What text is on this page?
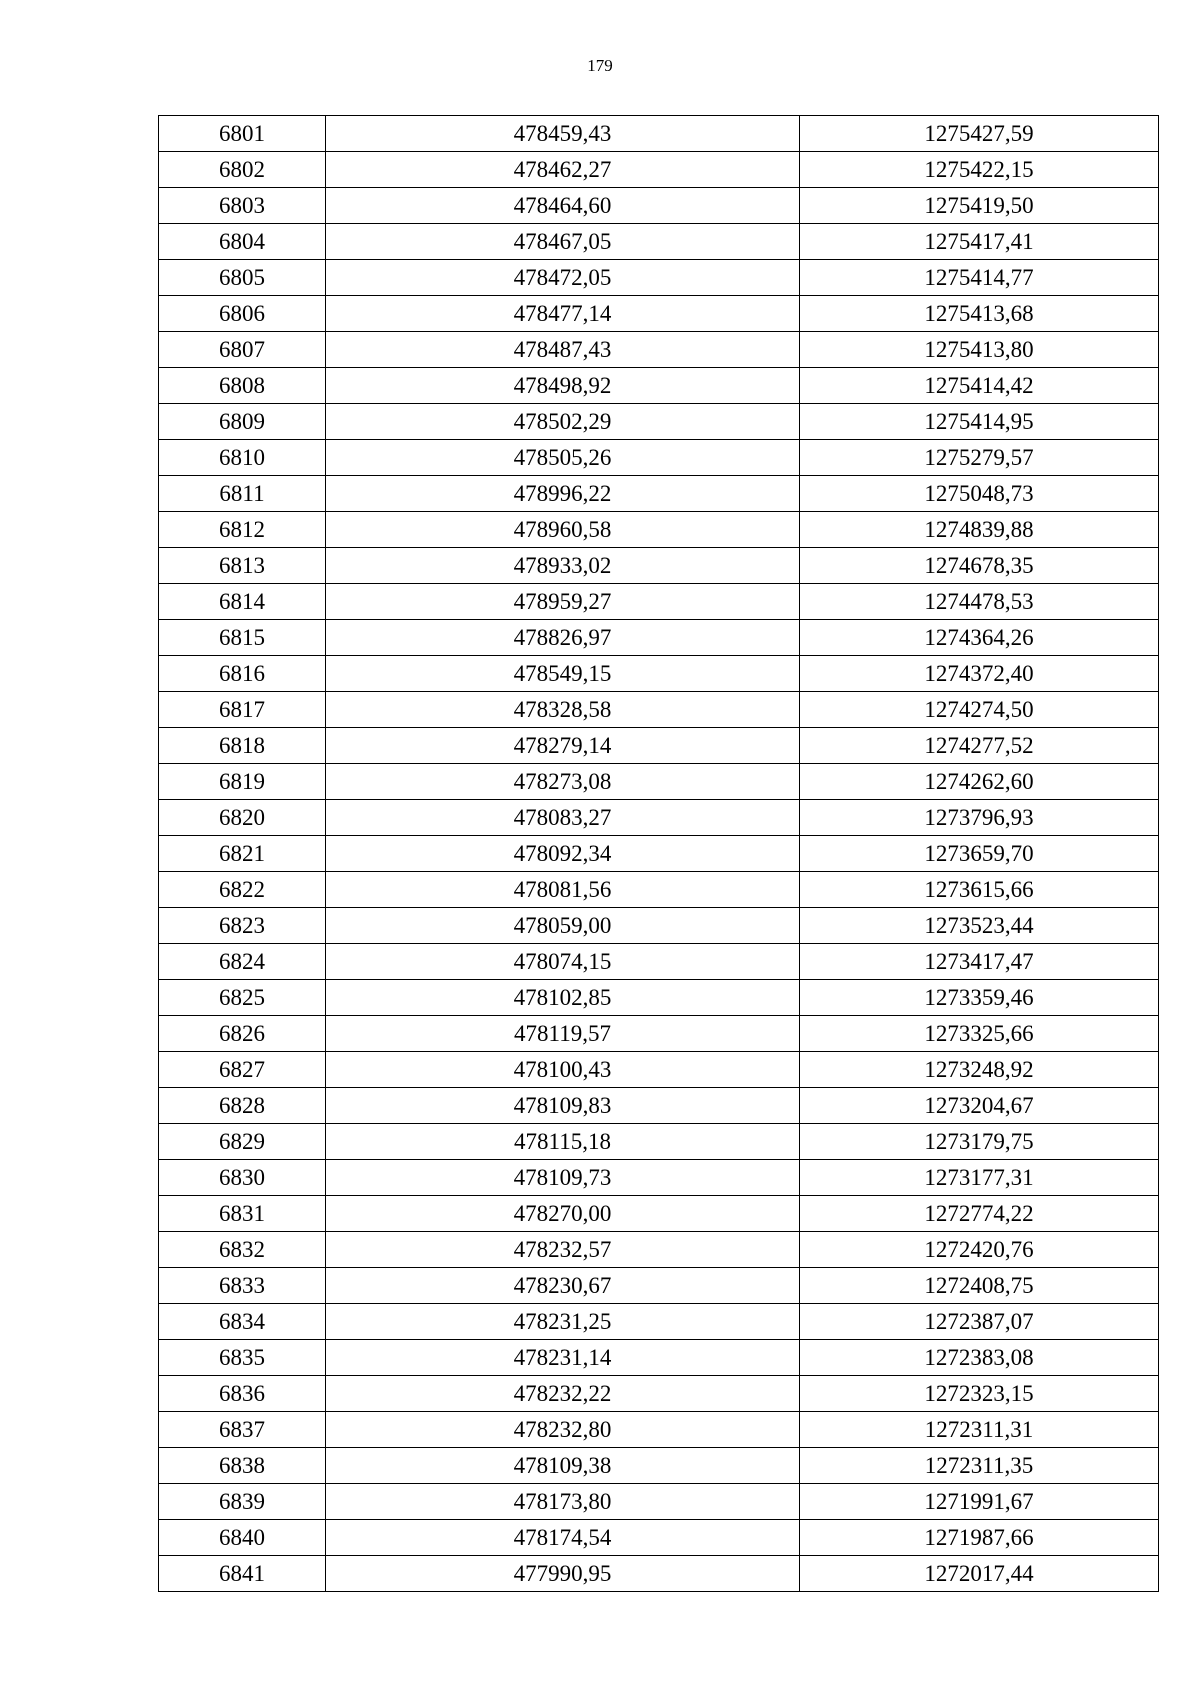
179
6801	478459,43	1275427,59
6802	478462,27	1275422,15
6803	478464,60	1275419,50
6804	478467,05	1275417,41
6805	478472,05	1275414,77
6806	478477,14	1275413,68
6807	478487,43	1275413,80
6808	478498,92	1275414,42
6809	478502,29	1275414,95
6810	478505,26	1275279,57
6811	478996,22	1275048,73
6812	478960,58	1274839,88
6813	478933,02	1274678,35
6814	478959,27	1274478,53
6815	478826,97	1274364,26
6816	478549,15	1274372,40
6817	478328,58	1274274,50
6818	478279,14	1274277,52
6819	478273,08	1274262,60
6820	478083,27	1273796,93
6821	478092,34	1273659,70
6822	478081,56	1273615,66
6823	478059,00	1273523,44
6824	478074,15	1273417,47
6825	478102,85	1273359,46
6826	478119,57	1273325,66
6827	478100,43	1273248,92
6828	478109,83	1273204,67
6829	478115,18	1273179,75
6830	478109,73	1273177,31
6831	478270,00	1272774,22
6832	478232,57	1272420,76
6833	478230,67	1272408,75
6834	478231,25	1272387,07
6835	478231,14	1272383,08
6836	478232,22	1272323,15
6837	478232,80	1272311,31
6838	478109,38	1272311,35
6839	478173,80	1271991,67
6840	478174,54	1271987,66
6841	477990,95	1272017,44
